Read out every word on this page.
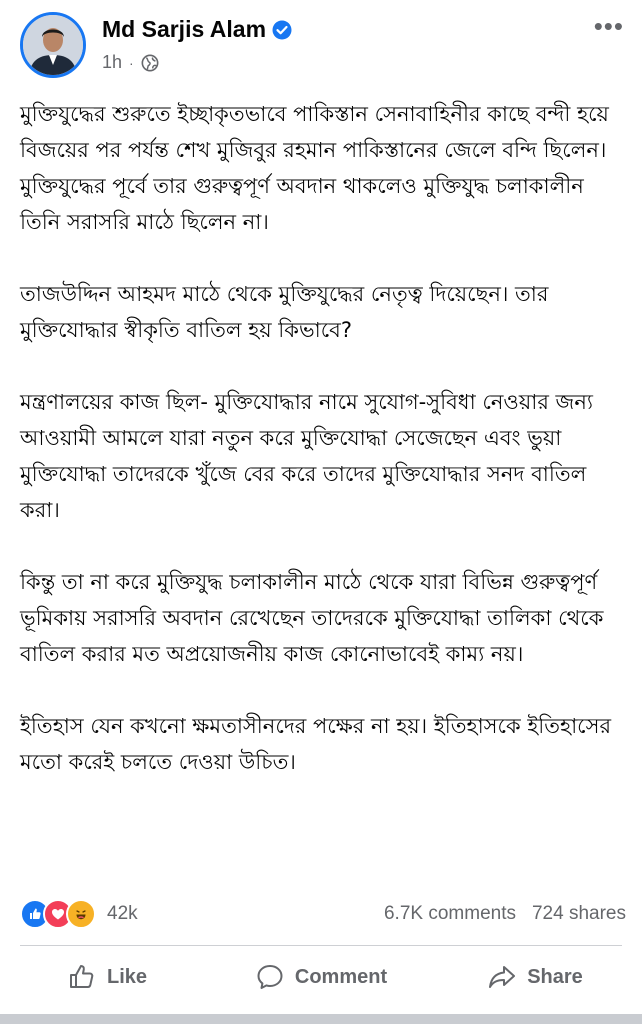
Md Sarjis Alam
1h ·
•••

মুক্তিযুদ্ধের শুরুতে ইচ্ছাকৃতভাবে পাকিস্তান সেনাবাহিনীর কাছে বন্দী হয়ে বিজয়ের পর পর্যন্ত শেখ মুজিবুর রহমান পাকিস্তানের জেলে বন্দি ছিলেন। মুক্তিযুদ্ধের পূর্বে তার গুরুত্বপূর্ণ অবদান থাকলেও মুক্তিযুদ্ধ চলাকালীন তিনি সরাসরি মাঠে ছিলেন না।

তাজউদ্দিন আহমদ মাঠে থেকে মুক্তিযুদ্ধের নেতৃত্ব দিয়েছেন। তার মুক্তিযোদ্ধার স্বীকৃতি বাতিল হয় কিভাবে?

মন্ত্রণালয়ের কাজ ছিল- মুক্তিযোদ্ধার নামে সুযোগ-সুবিধা নেওয়ার জন্য আওয়ামী আমলে যারা নতুন করে মুক্তিযোদ্ধা সেজেছেন এবং ভুয়া মুক্তিযোদ্ধা তাদেরকে খুঁজে বের করে তাদের মুক্তিযোদ্ধার সনদ বাতিল করা।

কিন্তু তা না করে মুক্তিযুদ্ধ চলাকালীন মাঠে থেকে যারা বিভিন্ন গুরুত্বপূর্ণ ভূমিকায় সরাসরি অবদান রেখেছেন তাদেরকে মুক্তিযোদ্ধা তালিকা থেকে বাতিল করার মত অপ্রয়োজনীয় কাজ কোনোভাবেই কাম্য নয়।

ইতিহাস যেন কখনো ক্ষমতাসীনদের পক্ষের না হয়। ইতিহাসকে ইতিহাসের মতো করেই চলতে দেওয়া উচিত।

42k	6.7K comments 724 shares
Like	Comment	Share
